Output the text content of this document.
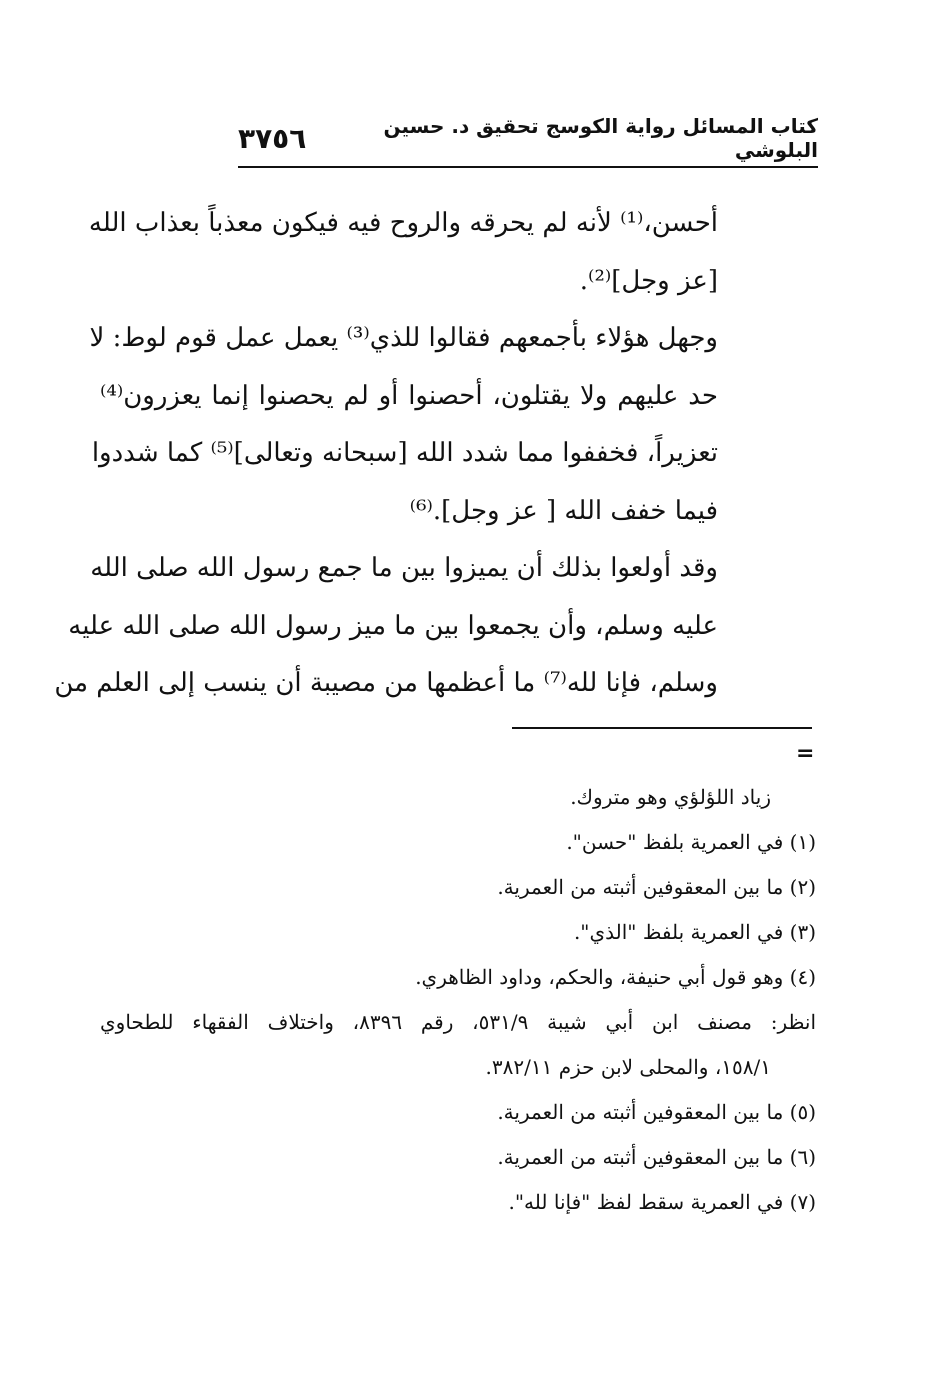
كتاب المسائل رواية الكوسج تحقيق د. حسين البلوشي
٣٧٥٦
أحسن،⁽¹⁾ لأنه لم يحرقه والروح فيه فيكون معذباً بعذاب الله
[عز وجل]⁽²⁾.
وجهل هؤلاء بأجمعهم فقالوا للذي⁽³⁾ يعمل عمل قوم لوط: لا
حد عليهم ولا يقتلون، أحصنوا أو لم يحصنوا إنما يعزرون⁽⁴⁾
تعزيراً، فخففوا مما شدد الله [سبحانه وتعالى]⁽⁵⁾ كما شددوا
فيما خفف الله [ عز وجل].⁽⁶⁾
وقد أولعوا بذلك أن يميزوا بين ما جمع رسول الله صلى الله
عليه وسلم، وأن يجمعوا بين ما ميز رسول الله صلى الله عليه
وسلم، فإنا لله⁽⁷⁾ ما أعظمها من مصيبة أن ينسب إلى العلم من
=
زياد اللؤلؤي وهو متروك.
(١) في العمرية بلفظ "حسن".
(٢) ما بين المعقوفين أثبته من العمرية.
(٣) في العمرية بلفظ "الذي".
(٤) وهو قول أبي حنيفة، والحكم، وداود الظاهري.
انظر: مصنف ابن أبي شيبة ٥٣١/٩، رقم ٨٣٩٦، واختلاف الفقهاء للطحاوي
١٥٨/١، والمحلى لابن حزم ٣٨٢/١١.
(٥) ما بين المعقوفين أثبته من العمرية.
(٦) ما بين المعقوفين أثبته من العمرية.
(٧) في العمرية سقط لفظ "فإنا لله".
